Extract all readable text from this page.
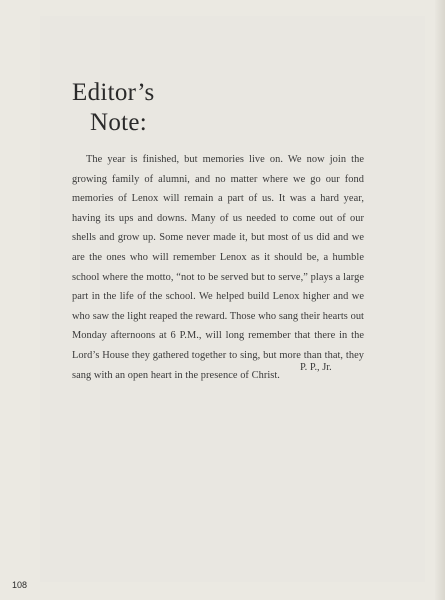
Editor’s
Note:

The year is finished, but memories live on. We now join the growing family of alumni, and no matter where we go our fond memories of Lenox will remain a part of us. It was a hard year, having its ups and downs. Many of us needed to come out of our shells and grow up. Some never made it, but most of us did and we are the ones who will remember Lenox as it should be, a humble school where the motto, “not to be served but to serve,” plays a large part in the life of the school. We helped build Lenox higher and we who saw the light reaped the reward. Those who sang their hearts out Monday afternoons at 6 P.M., will long remember that there in the Lord’s House they gathered together to sing, but more than that, they sang with an open heart in the presence of Christ.

P. P., Jr.

108
